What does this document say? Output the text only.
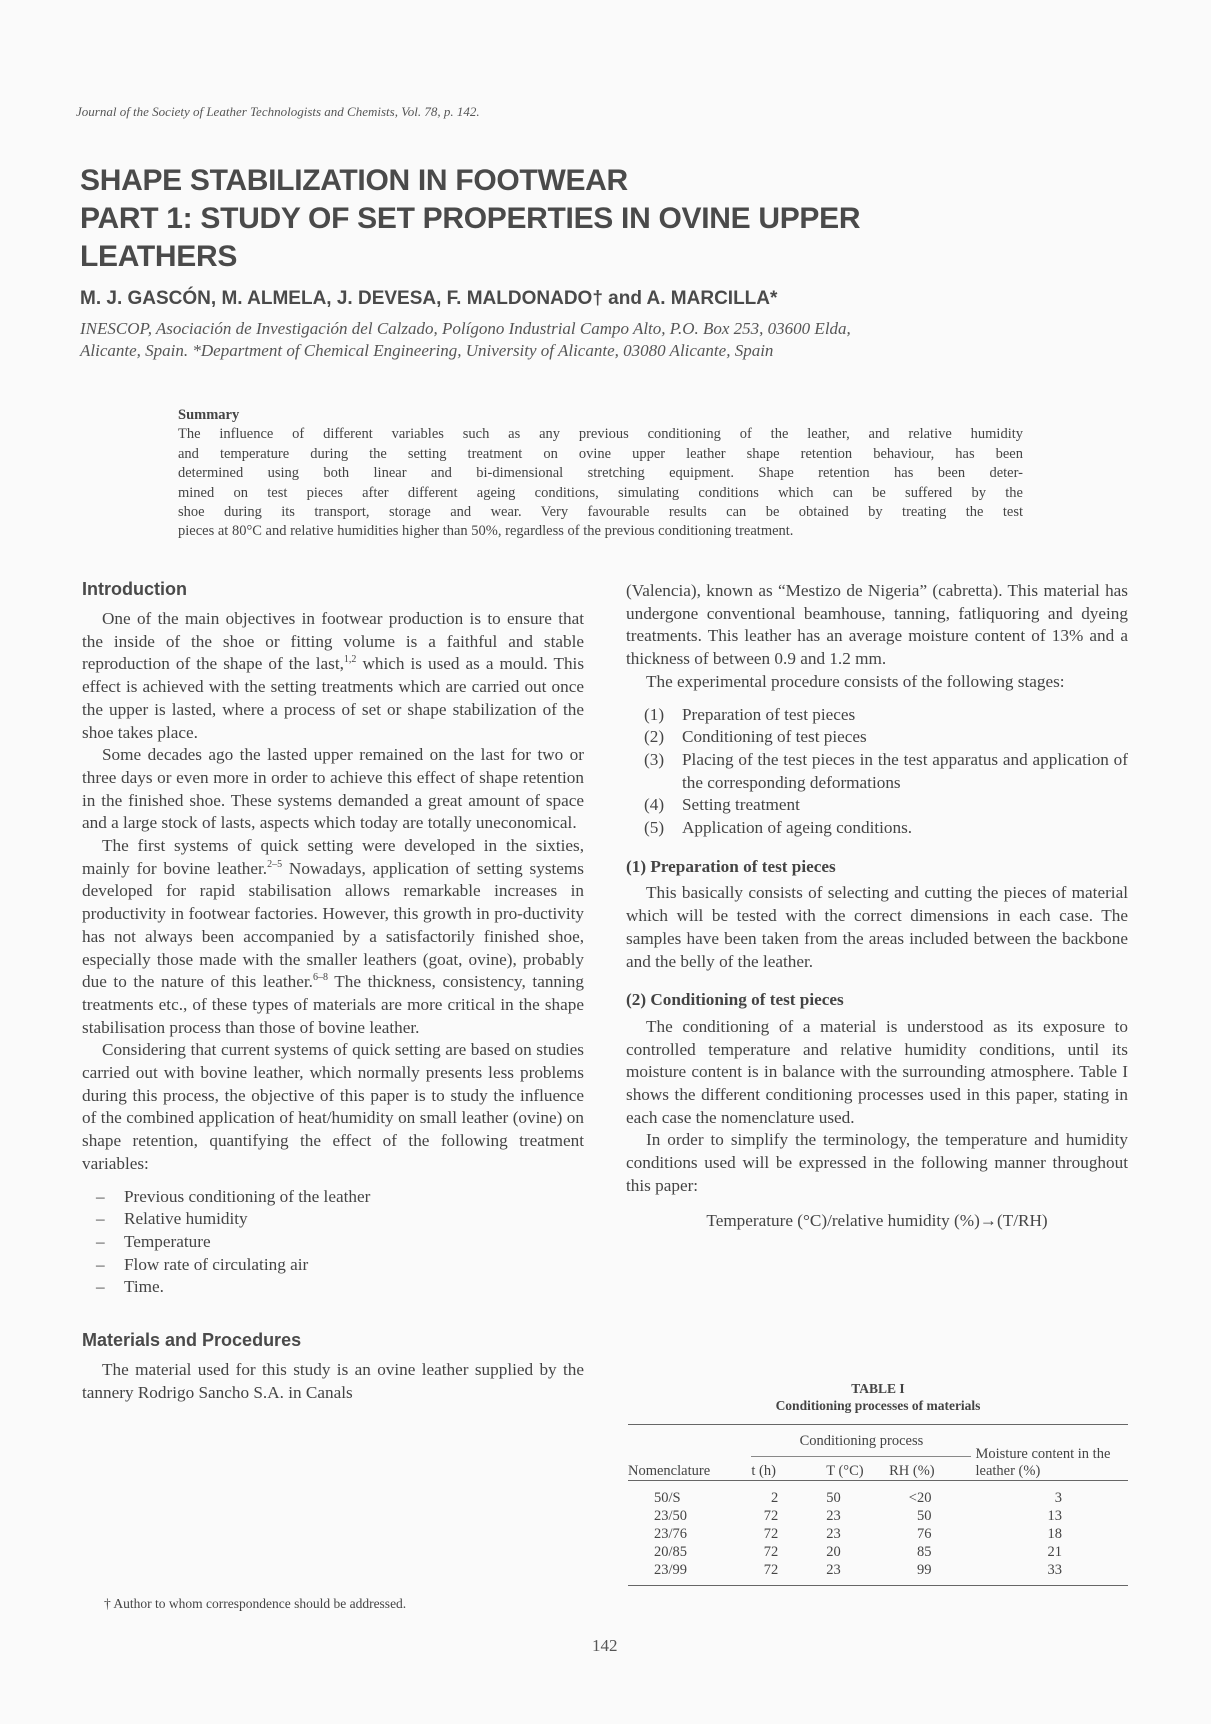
Journal of the Society of Leather Technologists and Chemists, Vol. 78, p. 142.
SHAPE STABILIZATION IN FOOTWEAR
PART 1: STUDY OF SET PROPERTIES IN OVINE UPPER
LEATHERS
M. J. GASCÓN, M. ALMELA, J. DEVESA, F. MALDONADO† and A. MARCILLA*
INESCOP, Asociación de Investigación del Calzado, Polígono Industrial Campo Alto, P.O. Box 253, 03600 Elda,
Alicante, Spain. *Department of Chemical Engineering, University of Alicante, 03080 Alicante, Spain
Summary
The influence of different variables such as any previous conditioning of the leather, and relative humidity
and temperature during the setting treatment on ovine upper leather shape retention behaviour, has been
determined using both linear and bi-dimensional stretching equipment. Shape retention has been deter-
mined on test pieces after different ageing conditions, simulating conditions which can be suffered by the
shoe during its transport, storage and wear. Very favourable results can be obtained by treating the test
pieces at 80°C and relative humidities higher than 50%, regardless of the previous conditioning treatment.
Introduction

One of the main objectives in footwear production is to ensure that the inside of the shoe or fitting volume is a faithful and stable reproduction of the shape of the last,$^{1,2}$ which is used as a mould. This effect is achieved with the setting treatments which are carried out once the upper is lasted, where a process of set or shape stabilization of the shoe takes place.

Some decades ago the lasted upper remained on the last for two or three days or even more in order to achieve this effect of shape retention in the finished shoe. These systems demanded a great amount of space and a large stock of lasts, aspects which today are totally uneconomical.

The first systems of quick setting were developed in the sixties, mainly for bovine leather.$^{2-5}$ Nowadays, application of setting systems developed for rapid stabilisation allows remarkable increases in productivity in footwear factories. However, this growth in pro-ductivity has not always been accompanied by a satisfactorily finished shoe, especially those made with the smaller leathers (goat, ovine), probably due to the nature of this leather.$^{6-8}$ The thickness, consistency, tanning treatments etc., of these types of materials are more critical in the shape stabilisation process than those of bovine leather.

Considering that current systems of quick setting are based on studies carried out with bovine leather, which normally presents less problems during this process, the objective of this paper is to study the influence of the combined application of heat/humidity on small leather (ovine) on shape retention, quantifying the effect of the following treatment variables:

–	Previous conditioning of the leather
–	Relative humidity
–	Temperature
–	Flow rate of circulating air
–	Time.
Materials and Procedures

The material used for this study is an ovine leather supplied by the tannery Rodrigo Sancho S.A. in Canals

(Valencia), known as “Mestizo de Nigeria” (cabretta). This material has undergone conventional beamhouse, tanning, fatliquoring and dyeing treatments. This leather has an average moisture content of 13% and a thickness of between 0.9 and 1.2 mm.

The experimental procedure consists of the following stages:

(1)	Preparation of test pieces
(2)	Conditioning of test pieces
(3)	Placing of the test pieces in the test apparatus and application of the corresponding deformations
(4)	Setting treatment
(5)	Application of ageing conditions.
(1) Preparation of test pieces

This basically consists of selecting and cutting the pieces of material which will be tested with the correct dimensions in each case. The samples have been taken from the areas included between the backbone and the belly of the leather.

(2) Conditioning of test pieces

The conditioning of a material is understood as its exposure to controlled temperature and relative humidity conditions, until its moisture content is in balance with the surrounding atmosphere. Table I shows the different conditioning processes used in this paper, stating in each case the nomenclature used.

In order to simplify the terminology, the temperature and humidity conditions used will be expressed in the following manner throughout this paper:

Temperature (°C)/relative humidity (%)→(T/RH)
TABLE I
Conditioning processes of materials

	Conditioning process			Moisture content in the leather (%)
Nomenclature	t (h)	T (°C)	RH (%)	

50/S	2	50	<20	3
23/50	72	23	50	13
23/76	72	23	76	18
20/85	72	20	85	21
23/99	72	23	99	33

† Author to whom correspondence should be addressed.
142
